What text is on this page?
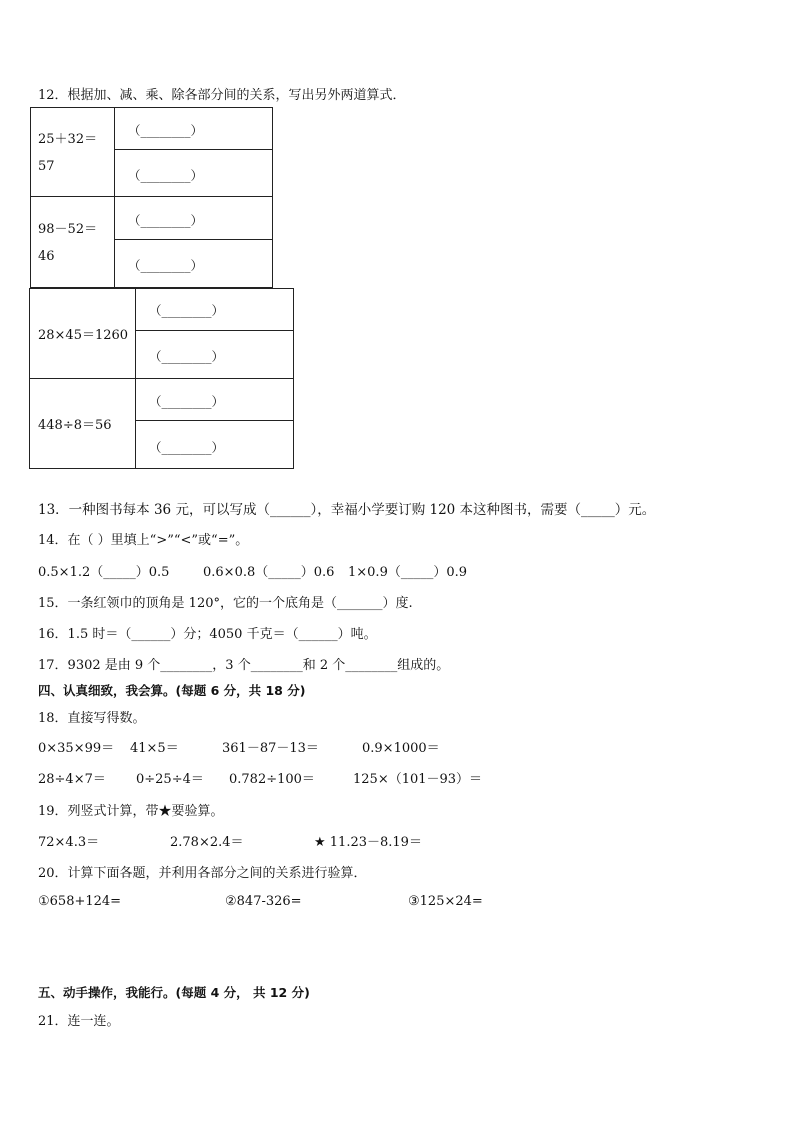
12．根据加、减、乘、除各部分间的关系，写出另外两道算式．
25＋32＝
57
（________）
（________）
98－52＝
46
（________）
（________）
28×45＝1260
（________）
（________）
448÷8＝56
（________）
（________）
13．一种图书每本 36 元，可以写成（______），幸福小学要订购 120 本这种图书，需要（_____）元。
14．在（ ）里填上“>”“<”或“=”。
0.5×1.2（_____）0.5	0.6×0.8（_____）0.6 1×0.9（_____）0.9
15．一条红领巾的顶角是 120°，它的一个底角是（_______）度.
16．1.5 时＝（______）分；4050 千克＝（______）吨。
17．9302 是由 9 个________，3 个________和 2 个________组成的。
四、认真细致，我会算。(每题 6 分，共 18 分)
18．直接写得数。
0×35×99＝ 41×5＝	361－87－13＝	0.9×1000＝
28÷4×7＝ 0÷25÷4＝ 0.782÷100＝	125×（101－93）＝
19．列竖式计算，带★要验算。
72×4.3＝	2.78×2.4＝	★ 11.23－8.19＝
20．计算下面各题，并利用各部分之间的关系进行验算．
①658+124=	②847-326=	③125×24=
五、动手操作，我能行。(每题 4 分， 共 12 分)
21．连一连。
